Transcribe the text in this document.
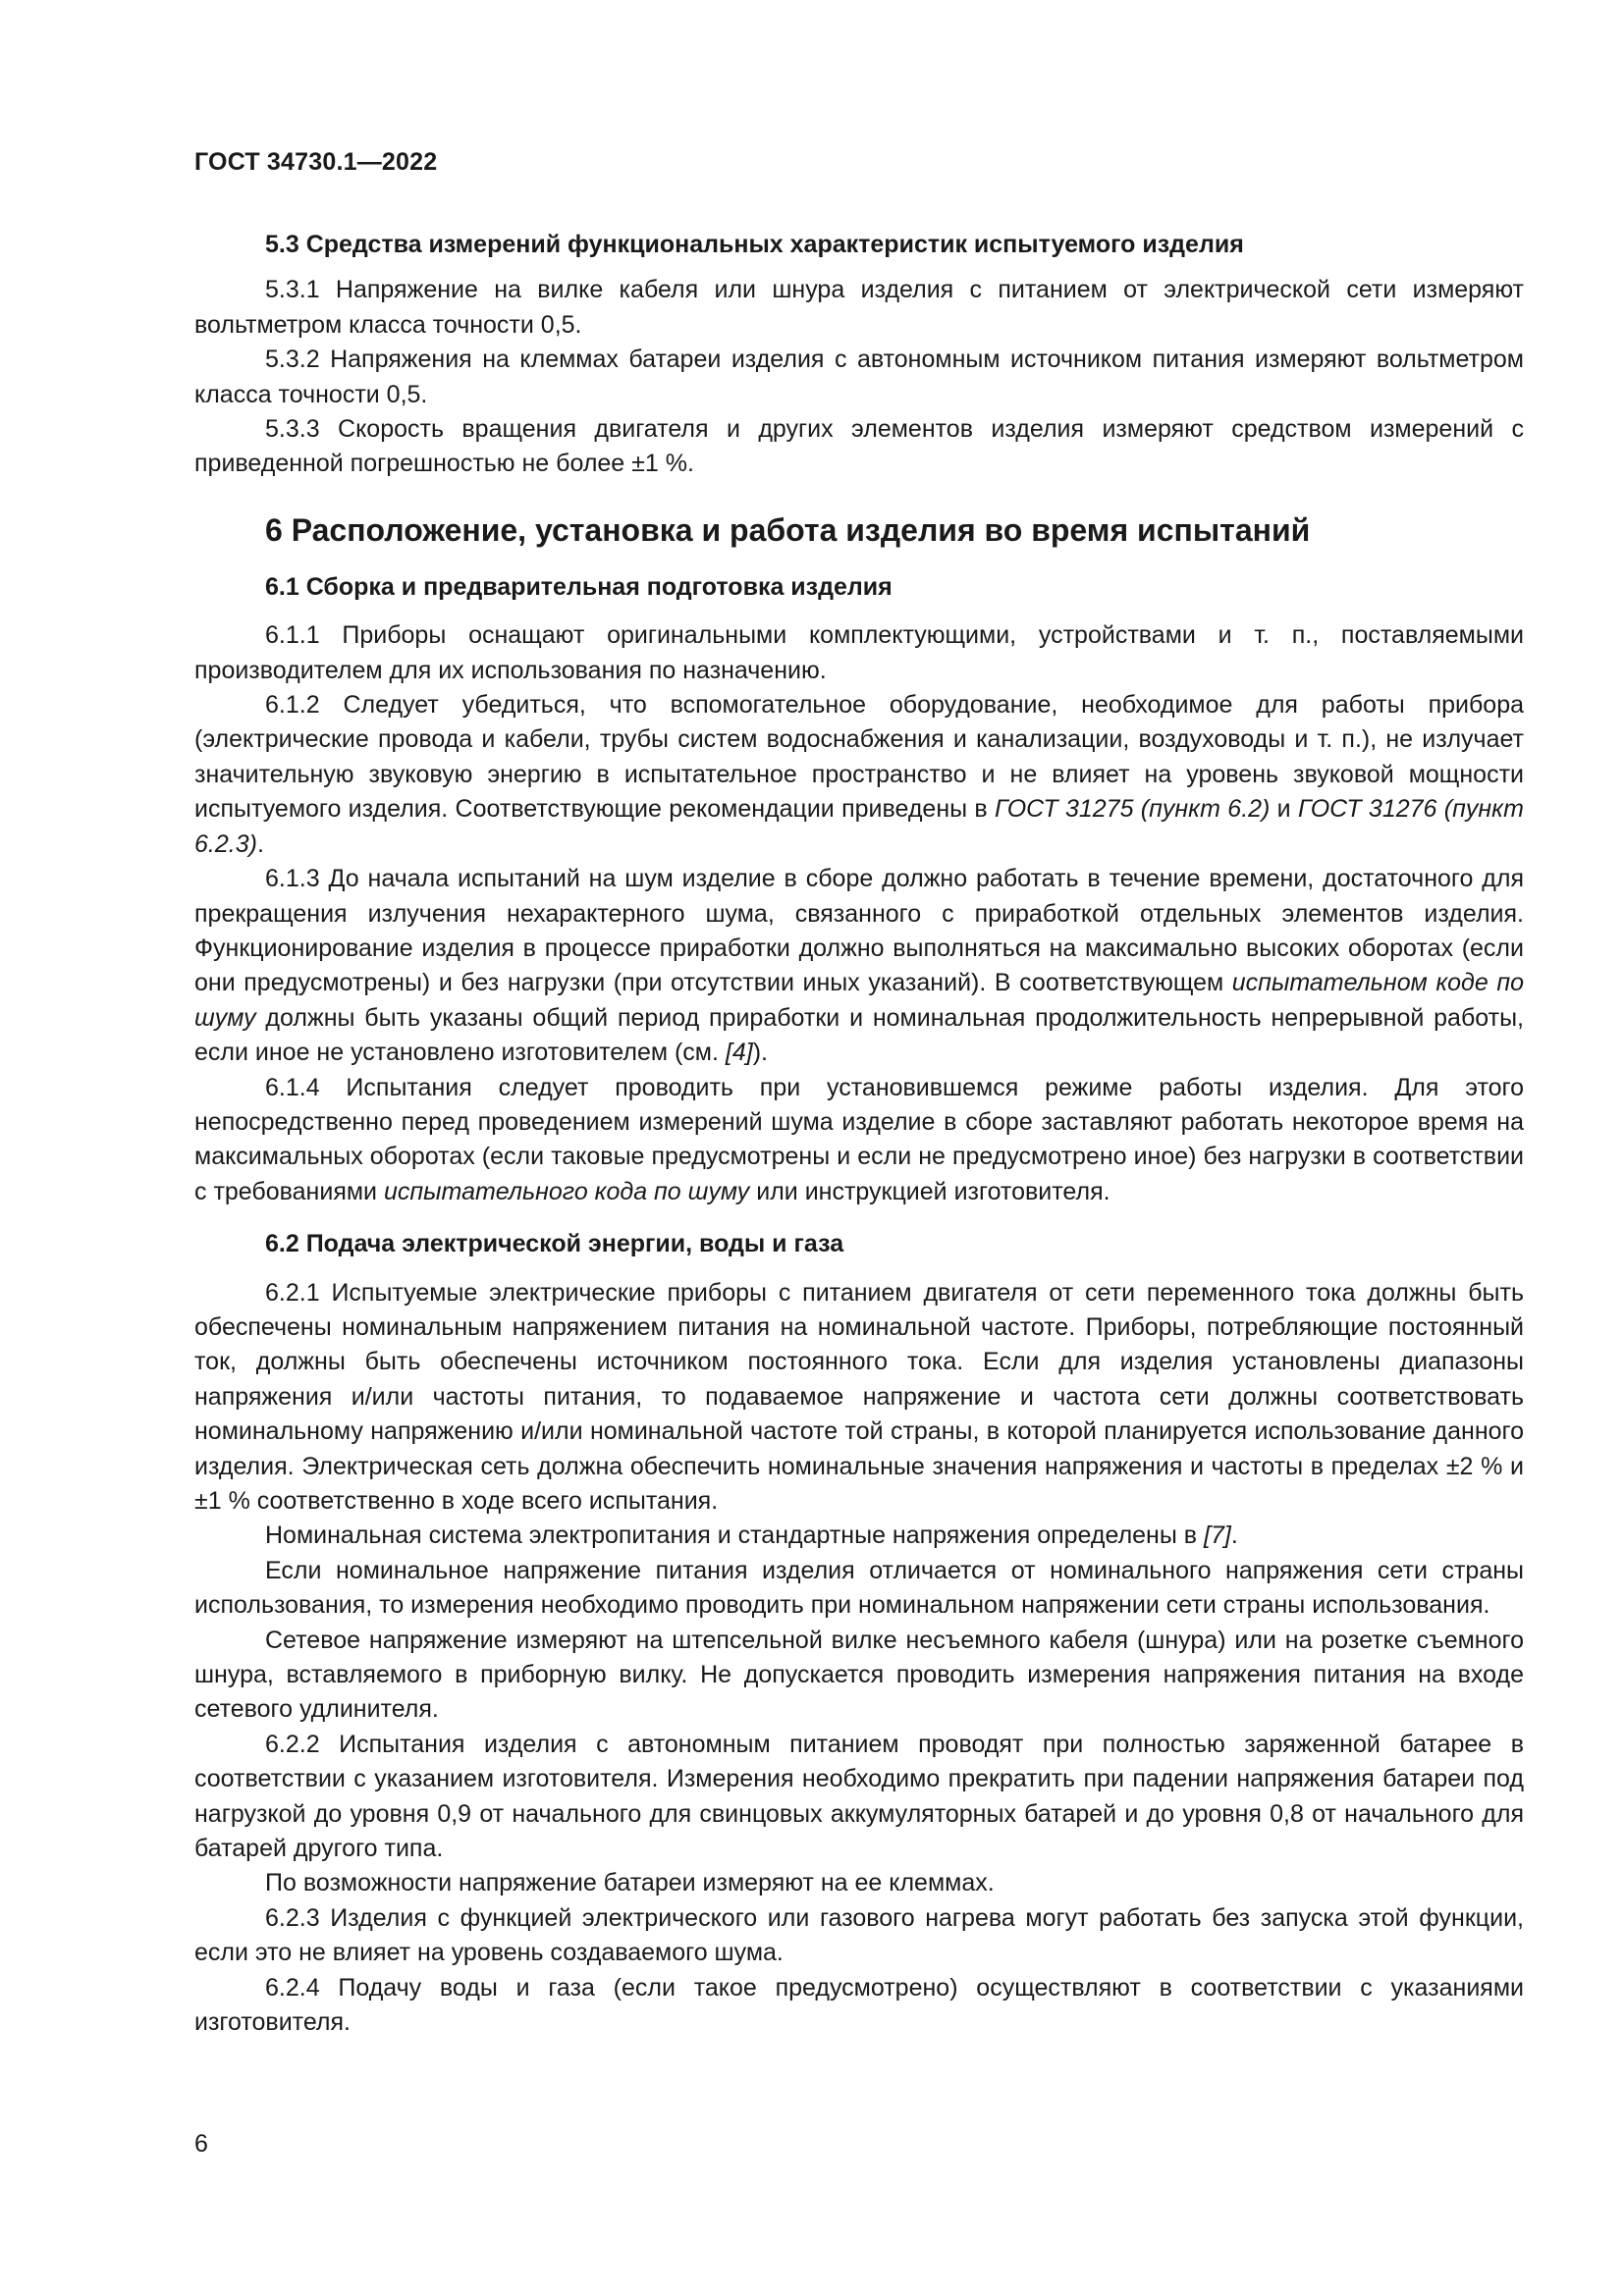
ГОСТ 34730.1—2022
5.3 Средства измерений функциональных характеристик испытуемого изделия

5.3.1 Напряжение на вилке кабеля или шнура изделия с питанием от электрической сети измеряют вольтметром класса точности 0,5.

5.3.2 Напряжения на клеммах батареи изделия с автономным источником питания измеряют вольтметром класса точности 0,5.

5.3.3 Скорость вращения двигателя и других элементов изделия измеряют средством измерений с приведенной погрешностью не более ±1 %.

6 Расположение, установка и работа изделия во время испытаний
6.1 Сборка и предварительная подготовка изделия

6.1.1 Приборы оснащают оригинальными комплектующими, устройствами и т. п., поставляемыми производителем для их использования по назначению.

6.1.2 Следует убедиться, что вспомогательное оборудование, необходимое для работы прибора (электрические провода и кабели, трубы систем водоснабжения и канализации, воздуховоды и т. п.), не излучает значительную звуковую энергию в испытательное пространство и не влияет на уровень звуковой мощности испытуемого изделия. Соответствующие рекомендации приведены в ГОСТ 31275 (пункт 6.2) и ГОСТ 31276 (пункт 6.2.3).

6.1.3 До начала испытаний на шум изделие в сборе должно работать в течение времени, достаточного для прекращения излучения нехарактерного шума, связанного с приработкой отдельных элементов изделия. Функционирование изделия в процессе приработки должно выполняться на максимально высоких оборотах (если они предусмотрены) и без нагрузки (при отсутствии иных указаний). В соответствующем испытательном коде по шуму должны быть указаны общий период приработки и номинальная продолжительность непрерывной работы, если иное не установлено изготовителем (см. [4]).

6.1.4 Испытания следует проводить при установившемся режиме работы изделия. Для этого непосредственно перед проведением измерений шума изделие в сборе заставляют работать некоторое время на максимальных оборотах (если таковые предусмотрены и если не предусмотрено иное) без нагрузки в соответствии с требованиями испытательного кода по шуму или инструкцией изготовителя.

6.2 Подача электрической энергии, воды и газа

6.2.1 Испытуемые электрические приборы с питанием двигателя от сети переменного тока должны быть обеспечены номинальным напряжением питания на номинальной частоте. Приборы, потребляющие постоянный ток, должны быть обеспечены источником постоянного тока. Если для изделия установлены диапазоны напряжения и/или частоты питания, то подаваемое напряжение и частота сети должны соответствовать номинальному напряжению и/или номинальной частоте той страны, в которой планируется использование данного изделия. Электрическая сеть должна обеспечить номинальные значения напряжения и частоты в пределах ±2 % и ±1 % соответственно в ходе всего испытания.

Номинальная система электропитания и стандартные напряжения определены в [7].

Если номинальное напряжение питания изделия отличается от номинального напряжения сети страны использования, то измерения необходимо проводить при номинальном напряжении сети страны использования.

Сетевое напряжение измеряют на штепсельной вилке несъемного кабеля (шнура) или на розетке съемного шнура, вставляемого в приборную вилку. Не допускается проводить измерения напряжения питания на входе сетевого удлинителя.

6.2.2 Испытания изделия с автономным питанием проводят при полностью заряженной батарее в соответствии с указанием изготовителя. Измерения необходимо прекратить при падении напряжения батареи под нагрузкой до уровня 0,9 от начального для свинцовых аккумуляторных батарей и до уровня 0,8 от начального для батарей другого типа.

По возможности напряжение батареи измеряют на ее клеммах.

6.2.3 Изделия с функцией электрического или газового нагрева могут работать без запуска этой функции, если это не влияет на уровень создаваемого шума.

6.2.4 Подачу воды и газа (если такое предусмотрено) осуществляют в соответствии с указаниями изготовителя.

6
